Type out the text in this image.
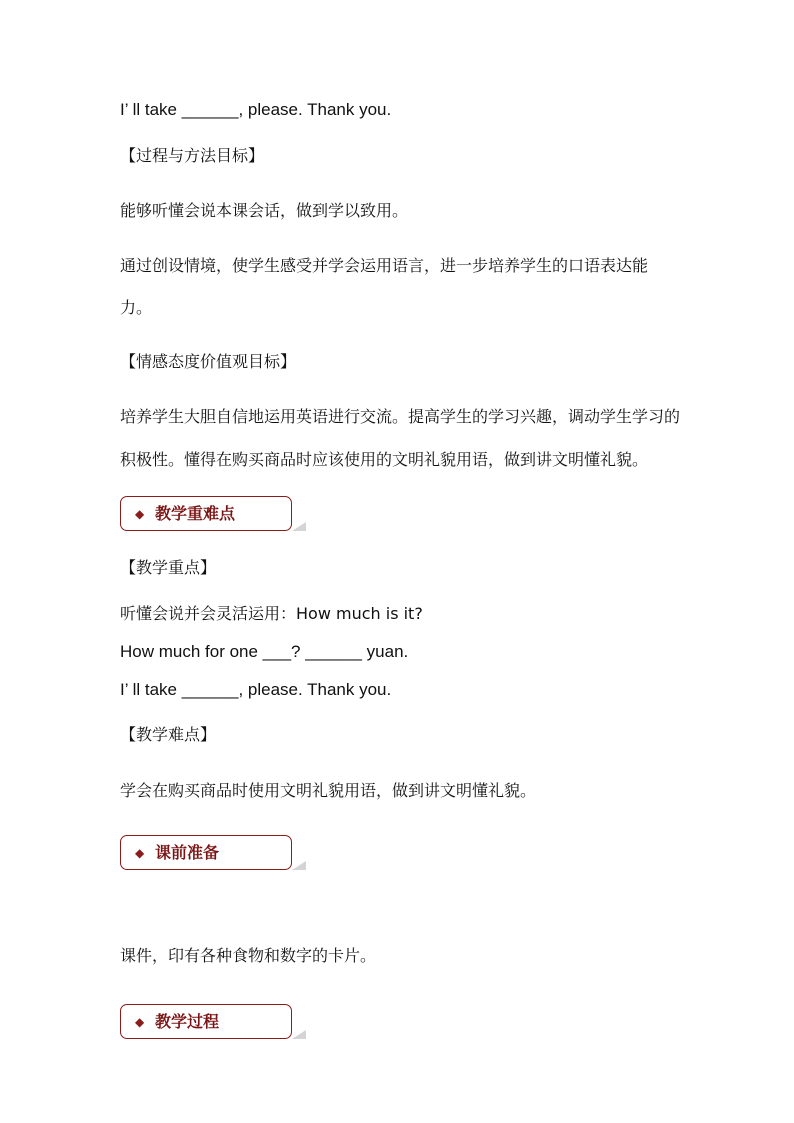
I’ ll take ______, please. Thank you.
【过程与方法目标】
能够听懂会说本课会话，做到学以致用。
通过创设情境，使学生感受并学会运用语言，进一步培养学生的口语表达能
力。
【情感态度价值观目标】
培养学生大胆自信地运用英语进行交流。提高学生的学习兴趣，调动学生学习的
积极性。懂得在购买商品时应该使用的文明礼貌用语，做到讲文明懂礼貌。
◆ 教学重难点
【教学重点】
听懂会说并会灵活运用：How much is it?
How much for one ___? ______ yuan.
I’ ll take ______, please. Thank you.
【教学难点】
学会在购买商品时使用文明礼貌用语，做到讲文明懂礼貌。
◆ 课前准备
课件，印有各种食物和数字的卡片。
◆ 教学过程
